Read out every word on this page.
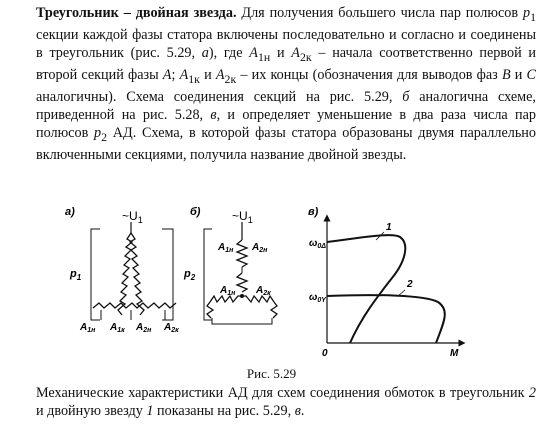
Треугольник – двойная звезда. Для получения большего числа пар полюсов $p_1$ секции каждой фазы статора включены последовательно и согласно и соединены в треугольник (рис. 5.29, а), где $A_{1н}$ и $A_{2к}$ – начала соответственно первой и второй секций фазы A; $A_{1к}$ и $A_{2к}$ – их концы (обозначения для выводов фаз B и C аналогичны). Схема соединения секций на рис. 5.29, б аналогична схеме, приведенной на рис. 5.28, в, и определяет уменьшение в два раза числа пар полюсов $p_2$ АД. Схема, в которой фазы статора образованы двумя параллельно включенными секциями, получила название двойной звезды.
а)	$\sim U_1$
$p_1$
$A_{1н}$ $A_{1к}$ $A_{2н}$ $A_{2к}$
б)	$\sim U_1$
$p_2$
$A_{1н}$ $A_{2н}$
$A_{1н}$ $A_{2к}$
в)
$\omega_{0\Delta}$
$\omega_{0Y}$
0	M
1
2
Рис. 5.29
Механические характеристики АД для схем соединения обмоток в треугольник 2 и двойную звезду 1 показаны на рис. 5.29, в.
